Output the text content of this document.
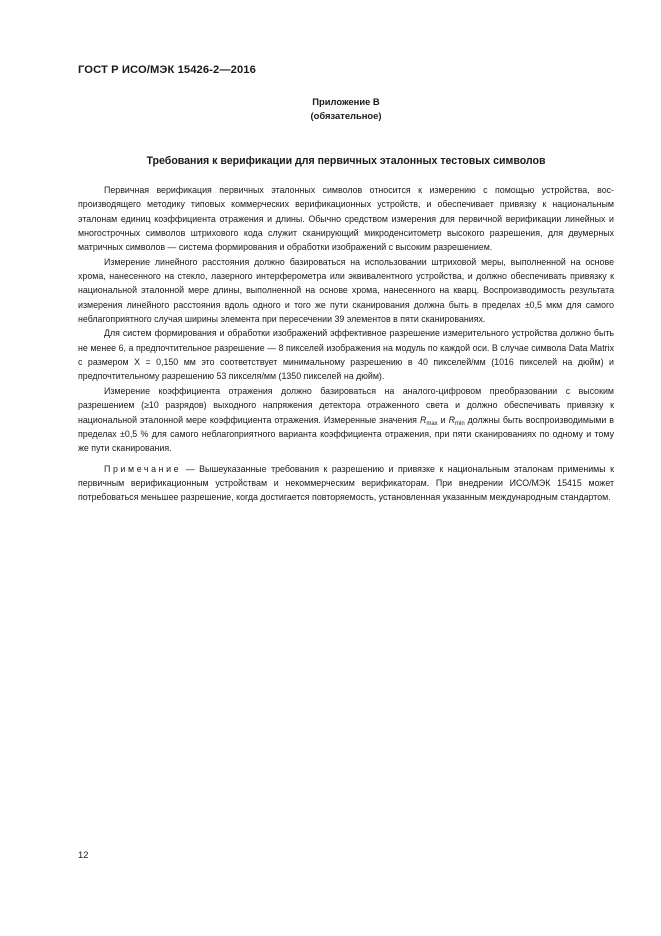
ГОСТ Р ИСО/МЭК 15426-2—2016
Приложение В
(обязательное)
Требования к верификации для первичных эталонных тестовых символов

Первичная верификация первичных эталонных символов относится к измерению с помощью устройства, воспроизводящего методику типовых коммерческих верификационных устройств, и обеспечивает привязку к национальным эталонам единиц коэффициента отражения и длины. Обычно средством измерения для первичной верификации линейных и многострочных символов штрихового кода служит сканирующий микроденситометр высокого разрешения, для двумерных матричных символов — система формирования и обработки изображений с высоким разрешением.

Измерение линейного расстояния должно базироваться на использовании штриховой меры, выполненной на основе хрома, нанесенного на стекло, лазерного интерферометра или эквивалентного устройства, и должно обеспечивать привязку к национальной эталонной мере длины, выполненной на основе хрома, нанесенного на кварц. Воспроизводимость результата измерения линейного расстояния вдоль одного и того же пути сканирования должна быть в пределах ±0,5 мкм для самого неблагоприятного случая ширины элемента при пересечении 39 элементов в пяти сканированиях.

Для систем формирования и обработки изображений эффективное разрешение измерительного устройства должно быть не менее 6, а предпочтительное разрешение — 8 пикселей изображения на модуль по каждой оси. В случае символа Data Matrix с размером X = 0,150 мм это соответствует минимальному разрешению в 40 пикселей/мм (1016 пикселей на дюйм) и предпочтительному разрешению 53 пикселя/мм (1350 пикселей на дюйм).

Измерение коэффициента отражения должно базироваться на аналого-цифровом преобразовании с высоким разрешением (≥10 разрядов) выходного напряжения детектора отраженного света и должно обеспечивать привязку к национальной эталонной мере коэффициента отражения. Измеренные значения $R_{max}$ и $R_{min}$ должны быть воспроизводимыми в пределах ±0,5 % для самого неблагоприятного варианта коэффициента отражения, при пяти сканированиях по одному и тому же пути сканирования.

Примечание — Вышеуказанные требования к разрешению и привязке к национальным эталонам применимы к первичным верификационным устройствам и некоммерческим верификаторам. При внедрении ИСО/МЭК 15415 может потребоваться меньшее разрешение, когда достигается повторяемость, установленная указанным международным стандартом.

12
